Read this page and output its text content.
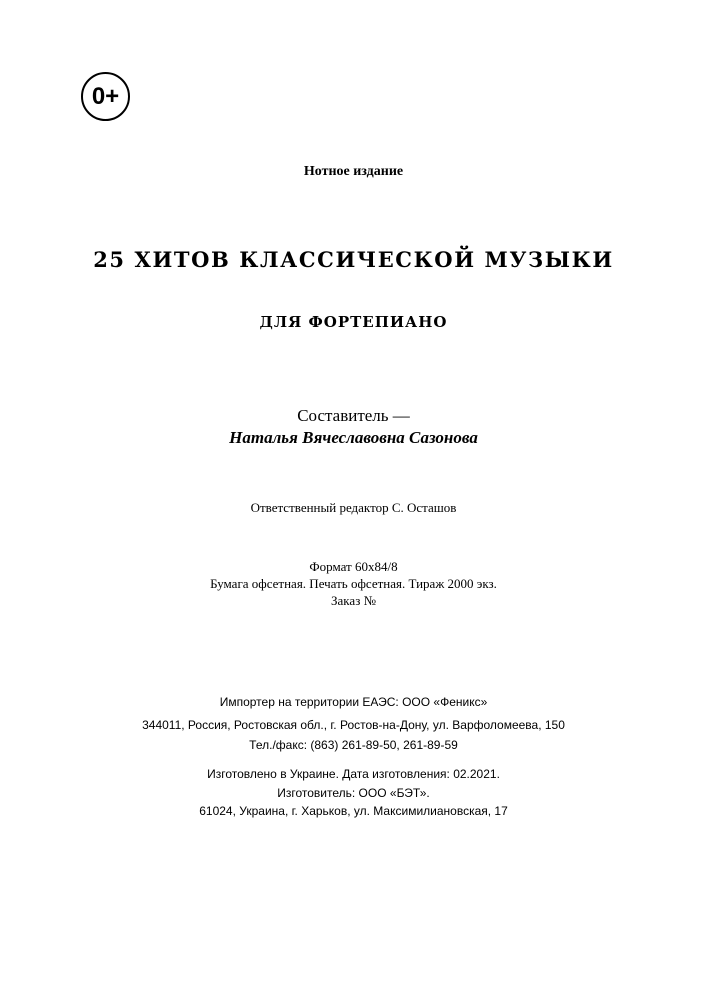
0+
Нотное издание
25 ХИТОВ КЛАССИЧЕСКОЙ МУЗЫКИ
ДЛЯ ФОРТЕПИАНО
Составитель —
Наталья Вячеславовна Сазонова
Ответственный редактор С. Осташов
Формат 60х84/8
Бумага офсетная. Печать офсетная. Тираж 2000 экз.
Заказ №
Импортер на территории ЕАЭС: ООО «Феникс»
344011, Россия, Ростовская обл., г. Ростов-на-Дону, ул. Варфоломеева, 150
Тел./факс: (863) 261-89-50, 261-89-59
Изготовлено в Украине. Дата изготовления: 02.2021.
Изготовитель: ООО «БЭТ».
61024, Украина, г. Харьков, ул. Максимилиановская, 17
